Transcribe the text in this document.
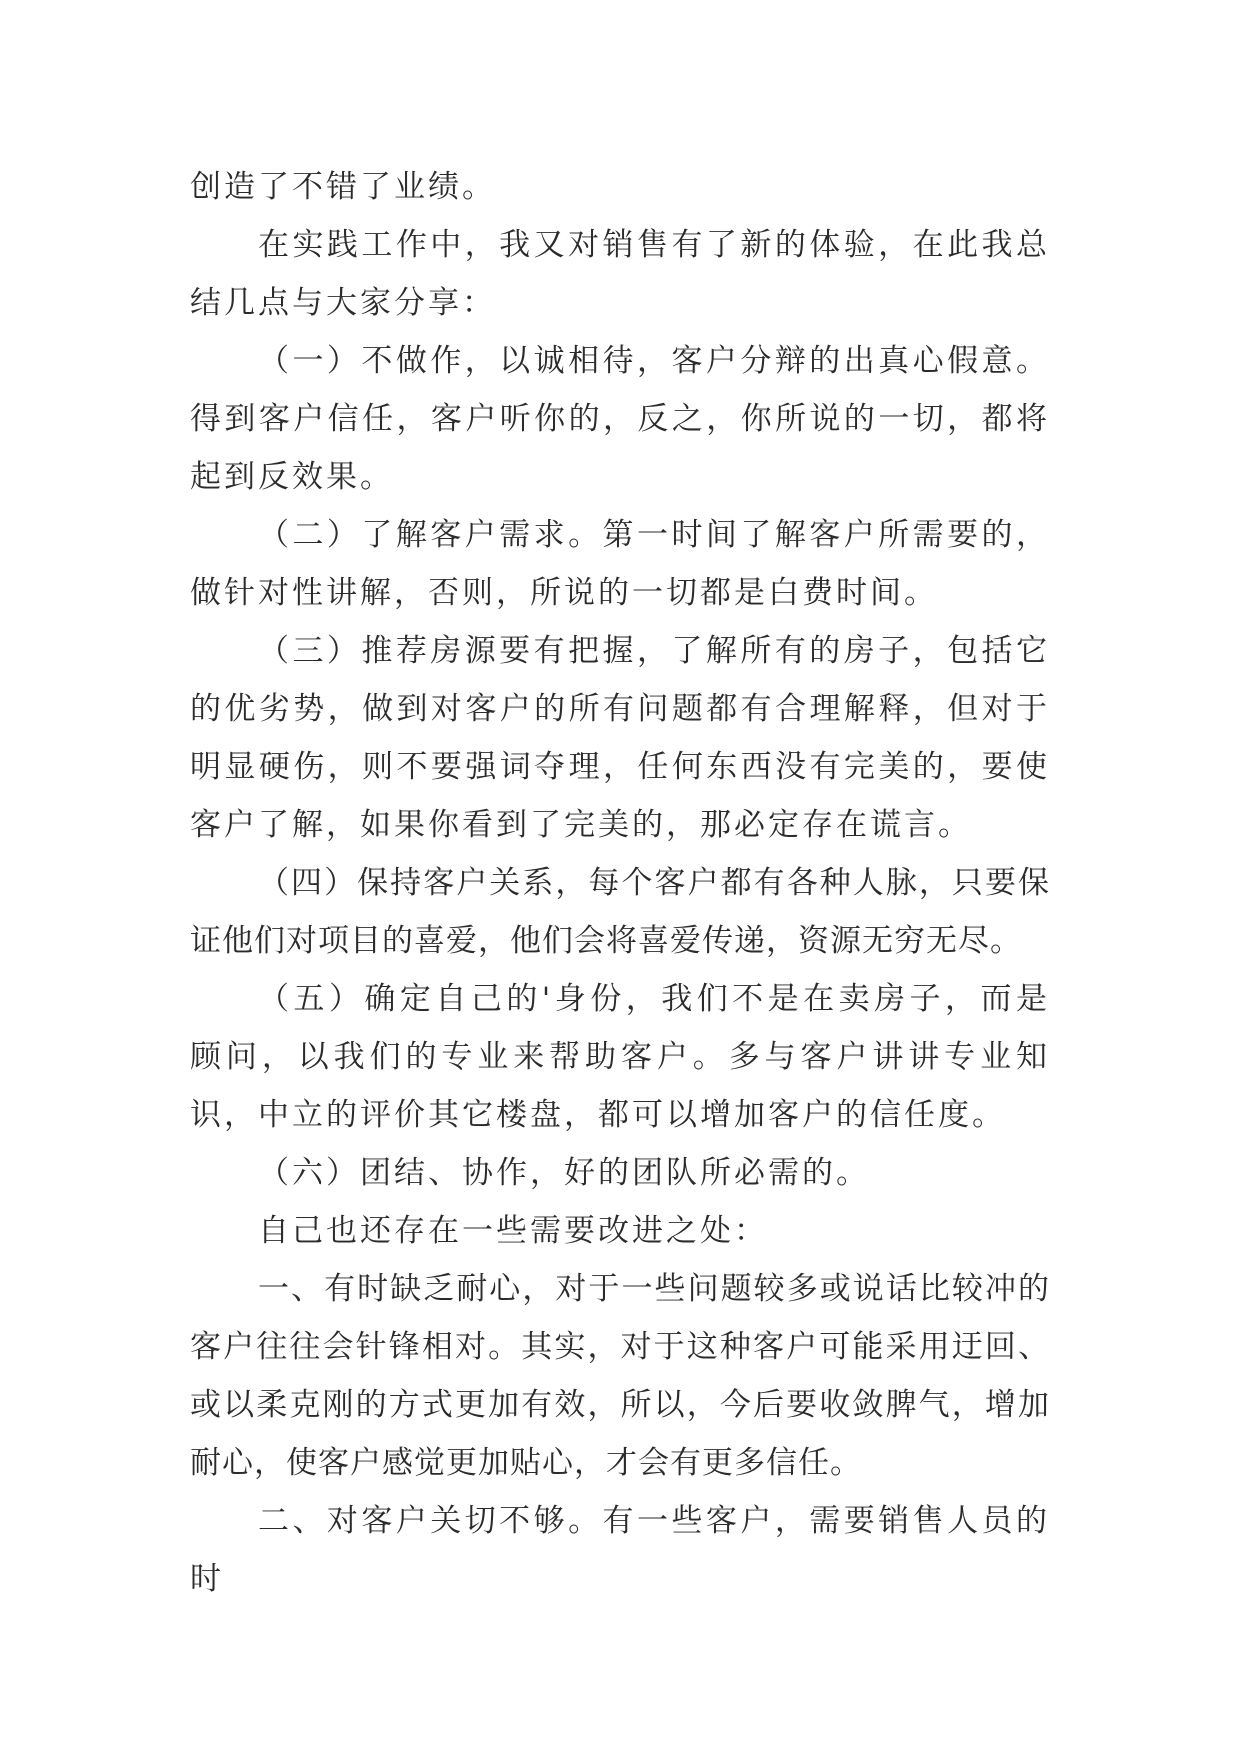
创造了不错了业绩。

在实践工作中，我又对销售有了新的体验，在此我总结几点与大家分享：

（一）不做作，以诚相待，客户分辩的出真心假意。得到客户信任，客户听你的，反之，你所说的一切，都将起到反效果。

（二）了解客户需求。第一时间了解客户所需要的，做针对性讲解，否则，所说的一切都是白费时间。

（三）推荐房源要有把握，了解所有的房子，包括它的优劣势，做到对客户的所有问题都有合理解释，但对于明显硬伤，则不要强词夺理，任何东西没有完美的，要使客户了解，如果你看到了完美的，那必定存在谎言。

（四）保持客户关系，每个客户都有各种人脉，只要保证他们对项目的喜爱，他们会将喜爱传递，资源无穷无尽。

（五）确定自己的'身份，我们不是在卖房子，而是顾问，以我们的专业来帮助客户。多与客户讲讲专业知识，中立的评价其它楼盘，都可以增加客户的信任度。

（六）团结、协作，好的团队所必需的。

自己也还存在一些需要改进之处：

一、有时缺乏耐心，对于一些问题较多或说话比较冲的客户往往会针锋相对。其实，对于这种客户可能采用迂回、或以柔克刚的方式更加有效，所以，今后要收敛脾气，增加耐心，使客户感觉更加贴心，才会有更多信任。

二、对客户关切不够。有一些客户，需要销售人员的时
